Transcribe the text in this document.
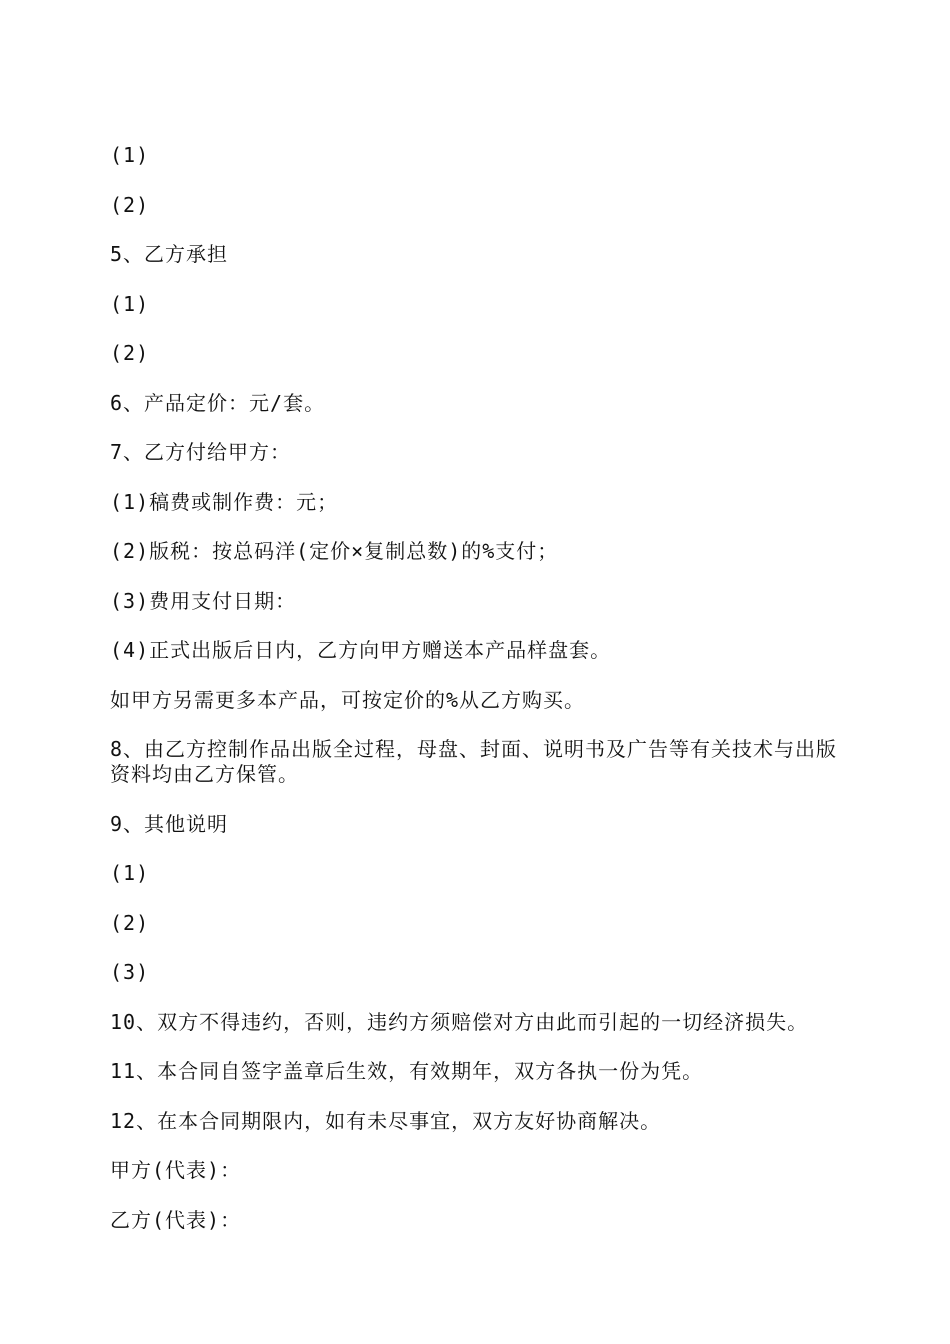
(1)

(2)

5、乙方承担

(1)

(2)

6、产品定价：元/套。

7、乙方付给甲方：

(1)稿费或制作费：元；

(2)版税：按总码洋(定价×复制总数)的%支付；

(3)费用支付日期：

(4)正式出版后日内，乙方向甲方赠送本产品样盘套。

如甲方另需更多本产品，可按定价的%从乙方购买。

8、由乙方控制作品出版全过程，母盘、封面、说明书及广告等有关技术与出版资料均由乙方保管。

9、其他说明

(1)

(2)

(3)

10、双方不得违约，否则，违约方须赔偿对方由此而引起的一切经济损失。

11、本合同自签字盖章后生效，有效期年，双方各执一份为凭。

12、在本合同期限内，如有未尽事宜，双方友好协商解决。

甲方(代表)：

乙方(代表)：
